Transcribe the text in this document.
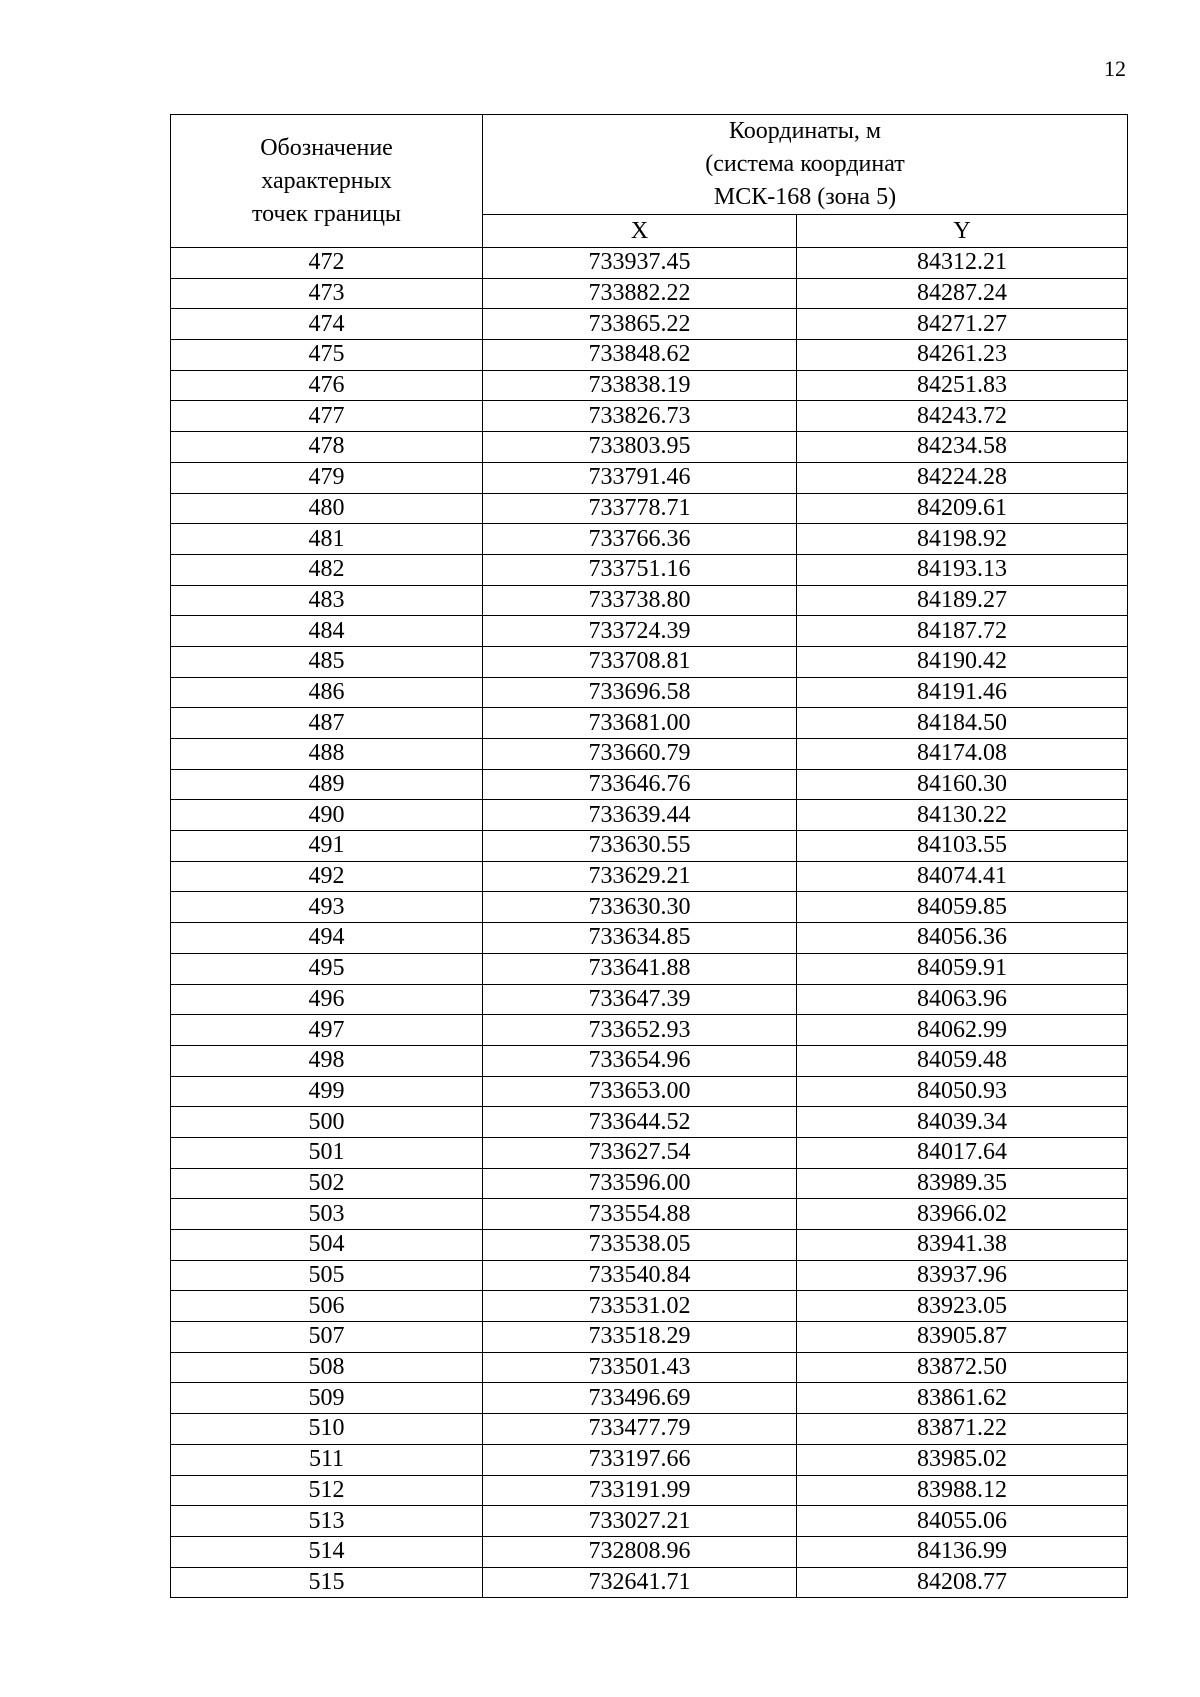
12
Обозначение
характерных
точек границы	Координаты, м
(система координат
МСК-168 (зона 5)	

	X	Y
472	733937.45	84312.21
473	733882.22	84287.24
474	733865.22	84271.27
475	733848.62	84261.23
476	733838.19	84251.83
477	733826.73	84243.72
478	733803.95	84234.58
479	733791.46	84224.28
480	733778.71	84209.61
481	733766.36	84198.92
482	733751.16	84193.13
483	733738.80	84189.27
484	733724.39	84187.72
485	733708.81	84190.42
486	733696.58	84191.46
487	733681.00	84184.50
488	733660.79	84174.08
489	733646.76	84160.30
490	733639.44	84130.22
491	733630.55	84103.55
492	733629.21	84074.41
493	733630.30	84059.85
494	733634.85	84056.36
495	733641.88	84059.91
496	733647.39	84063.96
497	733652.93	84062.99
498	733654.96	84059.48
499	733653.00	84050.93
500	733644.52	84039.34
501	733627.54	84017.64
502	733596.00	83989.35
503	733554.88	83966.02
504	733538.05	83941.38
505	733540.84	83937.96
506	733531.02	83923.05
507	733518.29	83905.87
508	733501.43	83872.50
509	733496.69	83861.62
510	733477.79	83871.22
511	733197.66	83985.02
512	733191.99	83988.12
513	733027.21	84055.06
514	732808.96	84136.99
515	732641.71	84208.77
